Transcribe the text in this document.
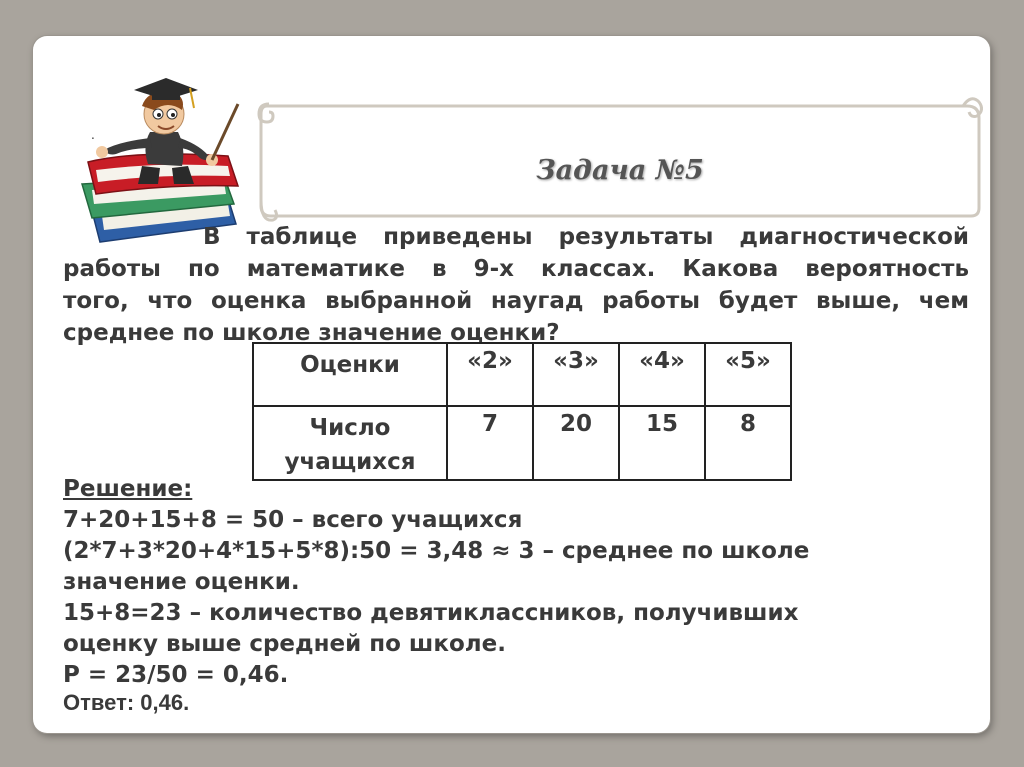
Задача №5
.
В таблице приведены результаты диагностической
работы по математике в 9-х классах. Какова вероятность
того, что оценка выбранной наугад работы будет выше, чем
среднее по школе значение оценки?
Оценки	«2»	«3»	«4»	«5»

Число
учащихся	7	20	15	8
Решение:
7+20+15+8 = 50 – всего учащихся
(2*7+3*20+4*15+5*8):50 = 3,48 ≈ 3 – среднее по школе
значение оценки.
15+8=23 – количество девятиклассников, получивших
оценку выше средней по школе.
P = 23/50 = 0,46.
Ответ: 0,46.
